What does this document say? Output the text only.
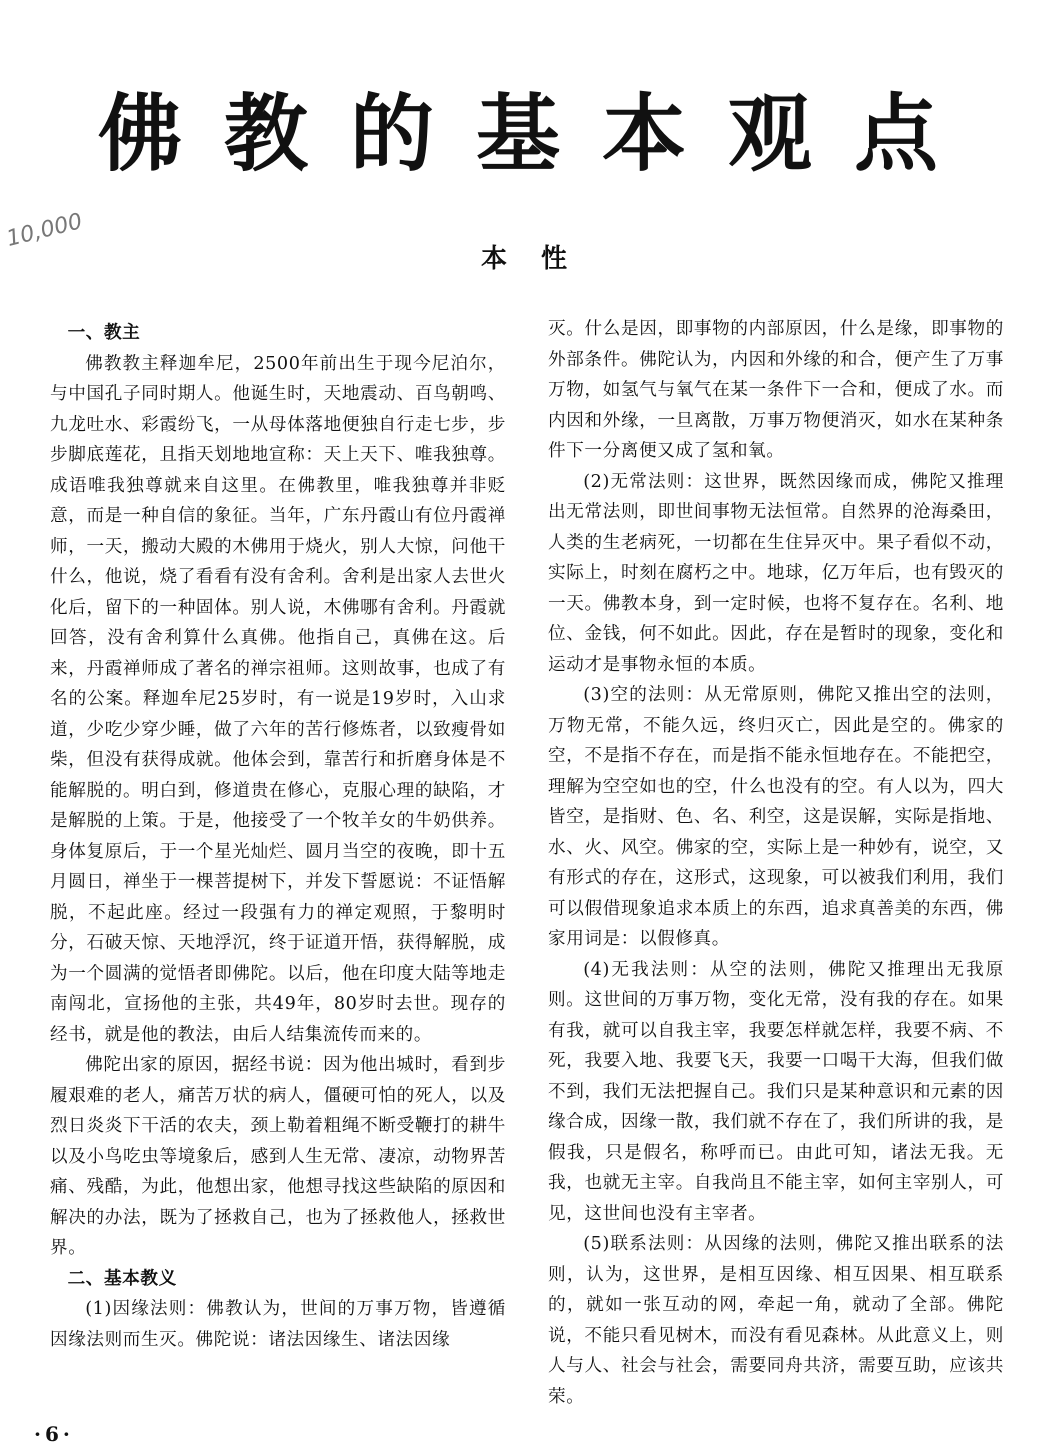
佛教的基本观点
10,000
本性
一、教主

佛教教主释迦牟尼，2500年前出生于现今尼泊尔，与中国孔子同时期人。他诞生时，天地震动、百鸟朝鸣、九龙吐水、彩霞纷飞，一从母体落地便独自行走七步，步步脚底莲花，且指天划地地宣称：天上天下、唯我独尊。成语唯我独尊就来自这里。在佛教里，唯我独尊并非贬意，而是一种自信的象征。当年，广东丹霞山有位丹霞禅师，一天，搬动大殿的木佛用于烧火，别人大惊，问他干什么，他说，烧了看看有没有舍利。舍利是出家人去世火化后，留下的一种固体。别人说，木佛哪有舍利。丹霞就回答，没有舍利算什么真佛。他指自己，真佛在这。后来，丹霞禅师成了著名的禅宗祖师。这则故事，也成了有名的公案。释迦牟尼25岁时，有一说是19岁时，入山求道，少吃少穿少睡，做了六年的苦行修炼者，以致瘦骨如柴，但没有获得成就。他体会到，靠苦行和折磨身体是不能解脱的。明白到，修道贵在修心，克服心理的缺陷，才是解脱的上策。于是，他接受了一个牧羊女的牛奶供养。身体复原后，于一个星光灿烂、圆月当空的夜晚，即十五月圆日，禅坐于一棵菩提树下，并发下誓愿说：不证悟解脱，不起此座。经过一段强有力的禅定观照，于黎明时分，石破天惊、天地浮沉，终于证道开悟，获得解脱，成为一个圆满的觉悟者即佛陀。以后，他在印度大陆等地走南闯北，宣扬他的主张，共49年，80岁时去世。现存的经书，就是他的教法，由后人结集流传而来的。

佛陀出家的原因，据经书说：因为他出城时，看到步履艰难的老人，痛苦万状的病人，僵硬可怕的死人，以及烈日炎炎下干活的农夫，颈上勒着粗绳不断受鞭打的耕牛以及小鸟吃虫等境象后，感到人生无常、凄凉，动物界苦痛、残酷，为此，他想出家，他想寻找这些缺陷的原因和解决的办法，既为了拯救自己，也为了拯救他人，拯救世界。

二、基本教义

(1)因缘法则：佛教认为，世间的万事万物，皆遵循因缘法则而生灭。佛陀说：诸法因缘生、诸法因缘

灭。什么是因，即事物的内部原因，什么是缘，即事物的外部条件。佛陀认为，内因和外缘的和合，便产生了万事万物，如氢气与氧气在某一条件下一合和，便成了水。而内因和外缘，一旦离散，万事万物便消灭，如水在某种条件下一分离便又成了氢和氧。

(2)无常法则：这世界，既然因缘而成，佛陀又推理出无常法则，即世间事物无法恒常。自然界的沧海桑田，人类的生老病死，一切都在生住异灭中。果子看似不动，实际上，时刻在腐朽之中。地球，亿万年后，也有毁灭的一天。佛教本身，到一定时候，也将不复存在。名利、地位、金钱，何不如此。因此，存在是暂时的现象，变化和运动才是事物永恒的本质。

(3)空的法则：从无常原则，佛陀又推出空的法则，万物无常，不能久远，终归灭亡，因此是空的。佛家的空，不是指不存在，而是指不能永恒地存在。不能把空，理解为空空如也的空，什么也没有的空。有人以为，四大皆空，是指财、色、名、利空，这是误解，实际是指地、水、火、风空。佛家的空，实际上是一种妙有，说空，又有形式的存在，这形式，这现象，可以被我们利用，我们可以假借现象追求本质上的东西，追求真善美的东西，佛家用词是：以假修真。

(4)无我法则：从空的法则，佛陀又推理出无我原则。这世间的万事万物，变化无常，没有我的存在。如果有我，就可以自我主宰，我要怎样就怎样，我要不病、不死，我要入地、我要飞天，我要一口喝干大海，但我们做不到，我们无法把握自己。我们只是某种意识和元素的因缘合成，因缘一散，我们就不存在了，我们所讲的我，是假我，只是假名，称呼而已。由此可知，诸法无我。无我，也就无主宰。自我尚且不能主宰，如何主宰别人，可见，这世间也没有主宰者。

(5)联系法则：从因缘的法则，佛陀又推出联系的法则，认为，这世界，是相互因缘、相互因果、相互联系的，就如一张互动的网，牵起一角，就动了全部。佛陀说，不能只看见树木，而没有看见森林。从此意义上，则人与人、社会与社会，需要同舟共济，需要互助，应该共荣。

·6·
